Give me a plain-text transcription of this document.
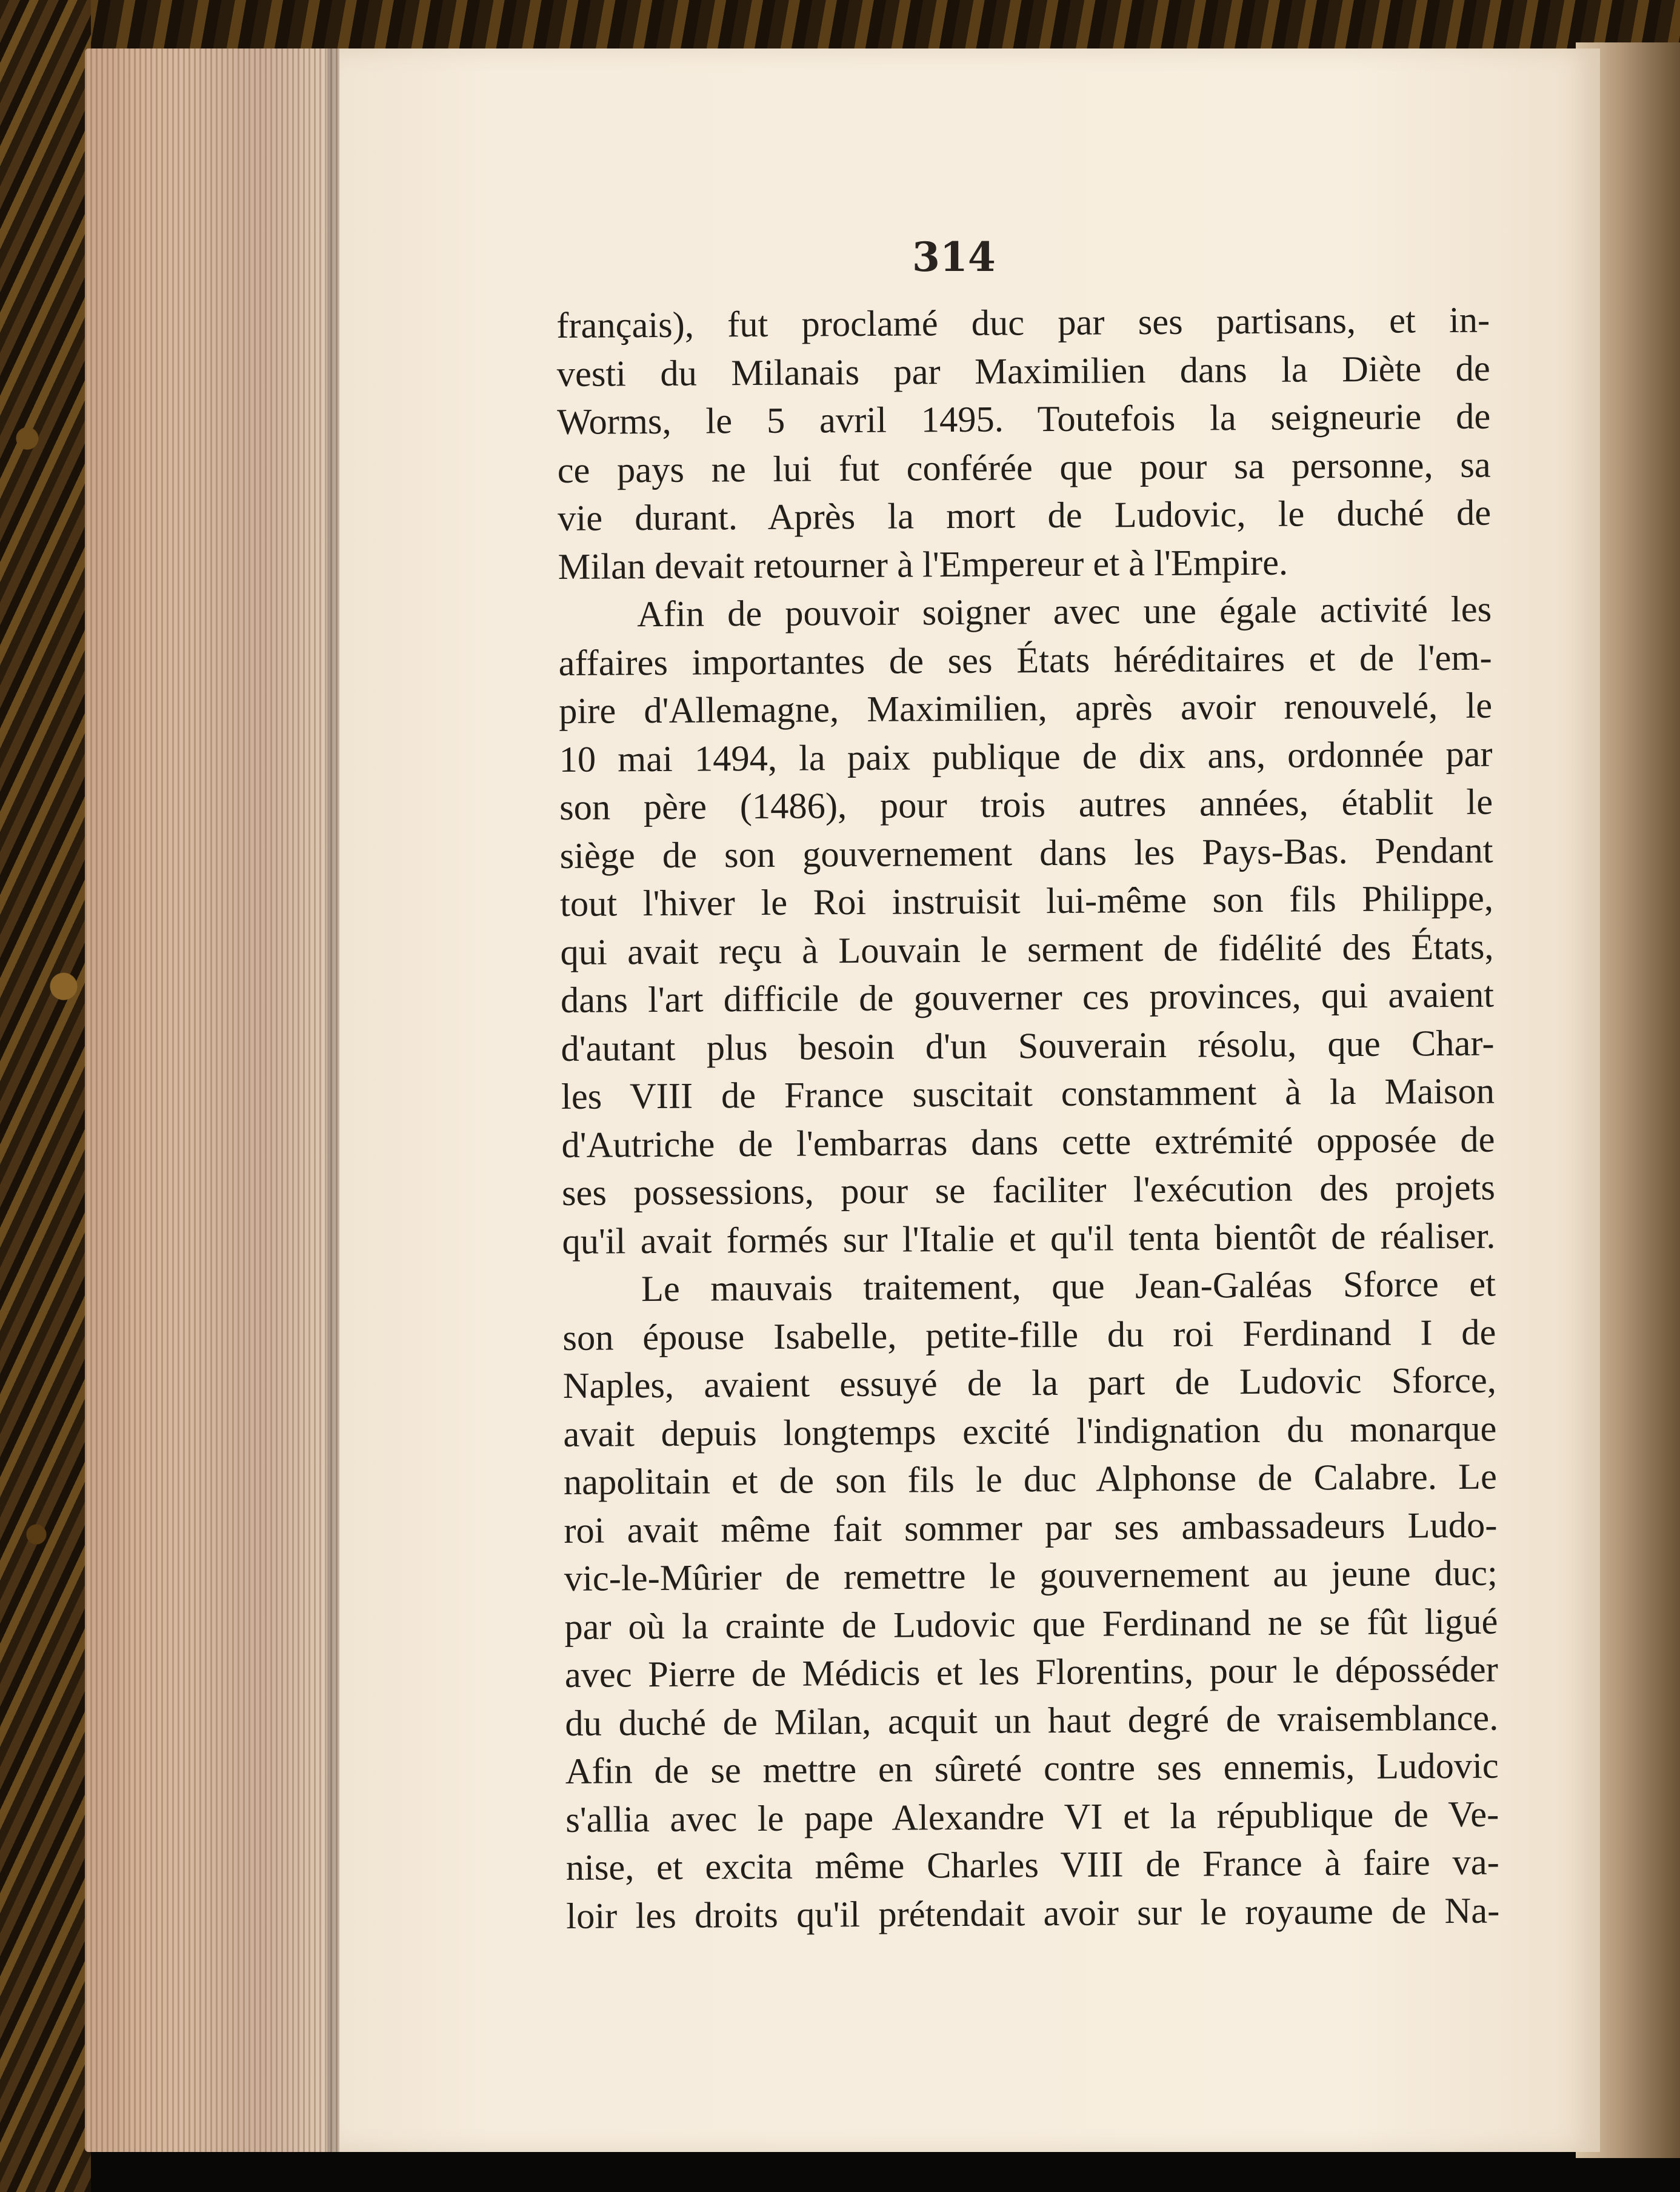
314
français), fut proclamé duc par ses partisans, et in-
vesti du Milanais par Maximilien dans la Diète de
Worms, le 5 avril 1495. Toutefois la seigneurie de
ce pays ne lui fut conférée que pour sa personne, sa
vie durant. Après la mort de Ludovic, le duché de
Milan devait retourner à l'Empereur et à l'Empire.
Afin de pouvoir soigner avec une égale activité les
affaires importantes de ses États héréditaires et de l'em-
pire d'Allemagne, Maximilien, après avoir renouvelé, le
10 mai 1494, la paix publique de dix ans, ordonnée par
son père (1486), pour trois autres années, établit le
siège de son gouvernement dans les Pays-Bas. Pendant
tout l'hiver le Roi instruisit lui-même son fils Philippe,
qui avait reçu à Louvain le serment de fidélité des États,
dans l'art difficile de gouverner ces provinces, qui avaient
d'autant plus besoin d'un Souverain résolu, que Char-
les VIII de France suscitait constamment à la Maison
d'Autriche de l'embarras dans cette extrémité opposée de
ses possessions, pour se faciliter l'exécution des projets
qu'il avait formés sur l'Italie et qu'il tenta bientôt de réaliser.
Le mauvais traitement, que Jean-Galéas Sforce et
son épouse Isabelle, petite-fille du roi Ferdinand I de
Naples, avaient essuyé de la part de Ludovic Sforce,
avait depuis longtemps excité l'indignation du monarque
napolitain et de son fils le duc Alphonse de Calabre. Le
roi avait même fait sommer par ses ambassadeurs Ludo-
vic-le-Mûrier de remettre le gouvernement au jeune duc;
par où la crainte de Ludovic que Ferdinand ne se fût ligué
avec Pierre de Médicis et les Florentins, pour le déposséder
du duché de Milan, acquit un haut degré de vraisemblance.
Afin de se mettre en sûreté contre ses ennemis, Ludovic
s'allia avec le pape Alexandre VI et la république de Ve-
nise, et excita même Charles VIII de France à faire va-
loir les droits qu'il prétendait avoir sur le royaume de Na-
